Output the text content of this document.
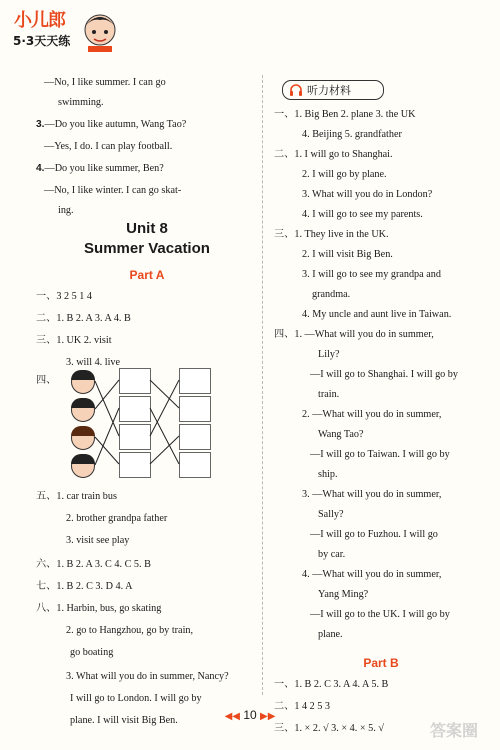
小儿郎
5·3天天练
—No, I like summer. I can go
swimming.
3.—Do you like autumn, Wang Tao?
—Yes, I do. I can play football.
4.—Do you like summer, Ben?
—No, I like winter. I can go skat-
ing.
Unit 8
Summer Vacation
Part A
一、3 2 5 1 4
二、1. B 2. A 3. A 4. B
三、1. UK 2. visit
3. will 4. live
四、
五、1. car train bus
2. brother grandpa father
3. visit see play
六、1. B 2. A 3. C 4. C 5. B
七、1. B 2. C 3. D 4. A
八、1. Harbin, bus, go skating
2. go to Hangzhou, go by train,
go boating
3. What will you do in summer, Nancy?
I will go to London. I will go by
plane. I will visit Big Ben.
听力材料
一、1. Big Ben 2. plane 3. the UK
4. Beijing 5. grandfather
二、1. I will go to Shanghai.
2. I will go by plane.
3. What will you do in London?
4. I will go to see my parents.
三、1. They live in the UK.
2. I will visit Big Ben.
3. I will go to see my grandpa and
grandma.
4. My uncle and aunt live in Taiwan.
四、1. —What will you do in summer,
Lily?
—I will go to Shanghai. I will go by
train.
2. —What will you do in summer,
Wang Tao?
—I will go to Taiwan. I will go by
ship.
3. —What will you do in summer,
Sally?
—I will go to Fuzhou. I will go
by car.
4. —What will you do in summer,
Yang Ming?
—I will go to the UK. I will go by
plane.
Part B
一、1. B 2. C 3. A 4. A 5. B
二、1 4 2 5 3
三、1. × 2. √ 3. × 4. × 5. √
◀◀ 10 ▶▶
答案圈
